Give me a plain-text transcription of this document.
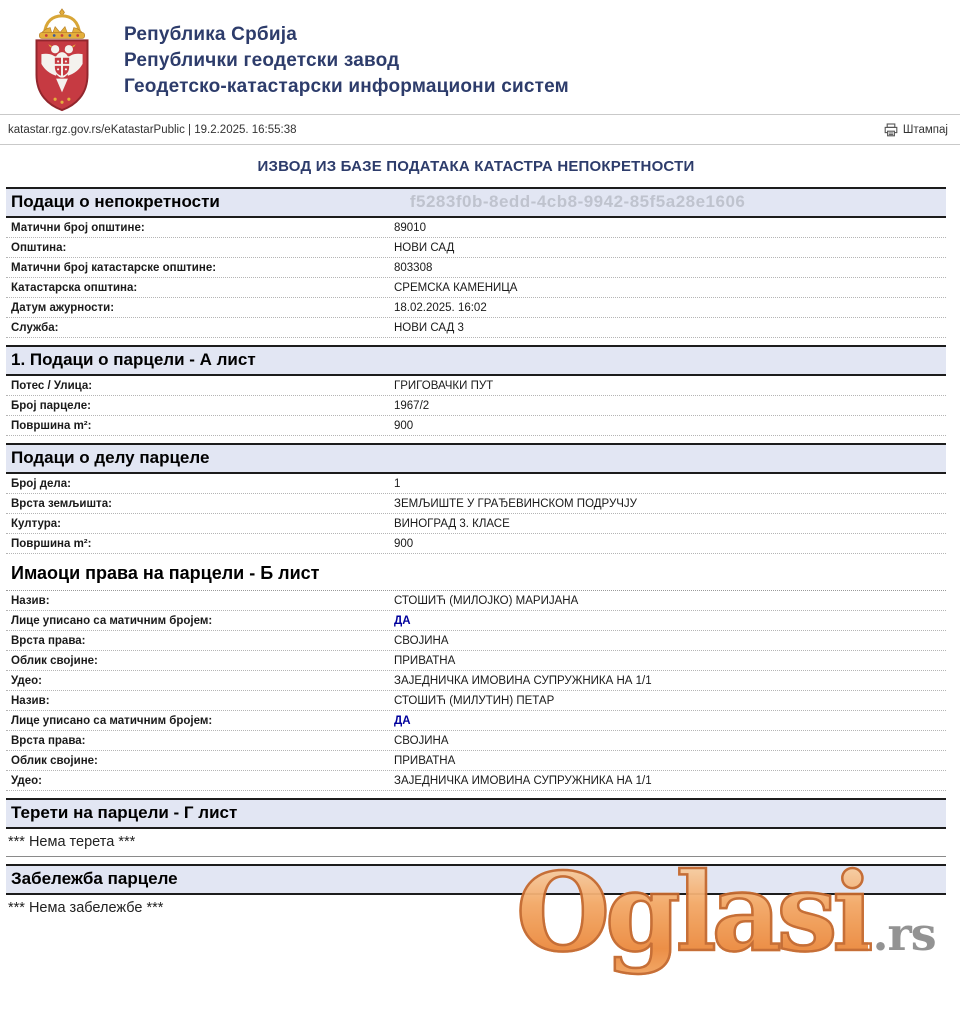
Република Србија
Републички геодетски завод
Геодетско-катастарски информациони систем
katastar.rgz.gov.rs/eKatastarPublic | 19.2.2025. 16:55:38	Штампај
ИЗВОД ИЗ БАЗЕ ПОДАТАКА КАТАСТРА НЕПОКРЕТНОСТИ
Подаци о непокретности	f5283f0b-8edd-4cb8-9942-85f5a28e1606
Матични број општине:	89010
Општина:	НОВИ САД
Матични број катастарске општине:	803308
Катастарска општина:	СРЕМСКА КАМЕНИЦА
Датум ажурности:	18.02.2025. 16:02
Служба:	НОВИ САД 3
1. Подаци о парцели - А лист
Потес / Улица:	ГРИГОВАЧКИ ПУТ
Број парцеле:	1967/2
Површина m²:	900
Подаци о делу парцеле
Број дела:	1
Врста земљишта:	ЗЕМЉИШТЕ У ГРАЂЕВИНСКОМ ПОДРУЧЈУ
Култура:	ВИНОГРАД 3. КЛАСЕ
Површина m²:	900
Имаоци права на парцели - Б лист
Назив:	СТОШИЋ (МИЛОЈКО) МАРИЈАНА
Лице уписано са матичним бројем:	ДА
Врста права:	СВОЈИНА
Облик својине:	ПРИВАТНА
Удео:	ЗАЈЕДНИЧКА ИМОВИНА СУПРУЖНИКА НА 1/1
Назив:	СТОШИЋ (МИЛУТИН) ПЕТАР
Лице уписано са матичним бројем:	ДА
Врста права:	СВОЈИНА
Облик својине:	ПРИВАТНА
Удео:	ЗАЈЕДНИЧКА ИМОВИНА СУПРУЖНИКА НА 1/1
Терети на парцели - Г лист
*** Нема терета ***
Забележба парцеле
*** Нема забележбе ***	Oglasi .rs
